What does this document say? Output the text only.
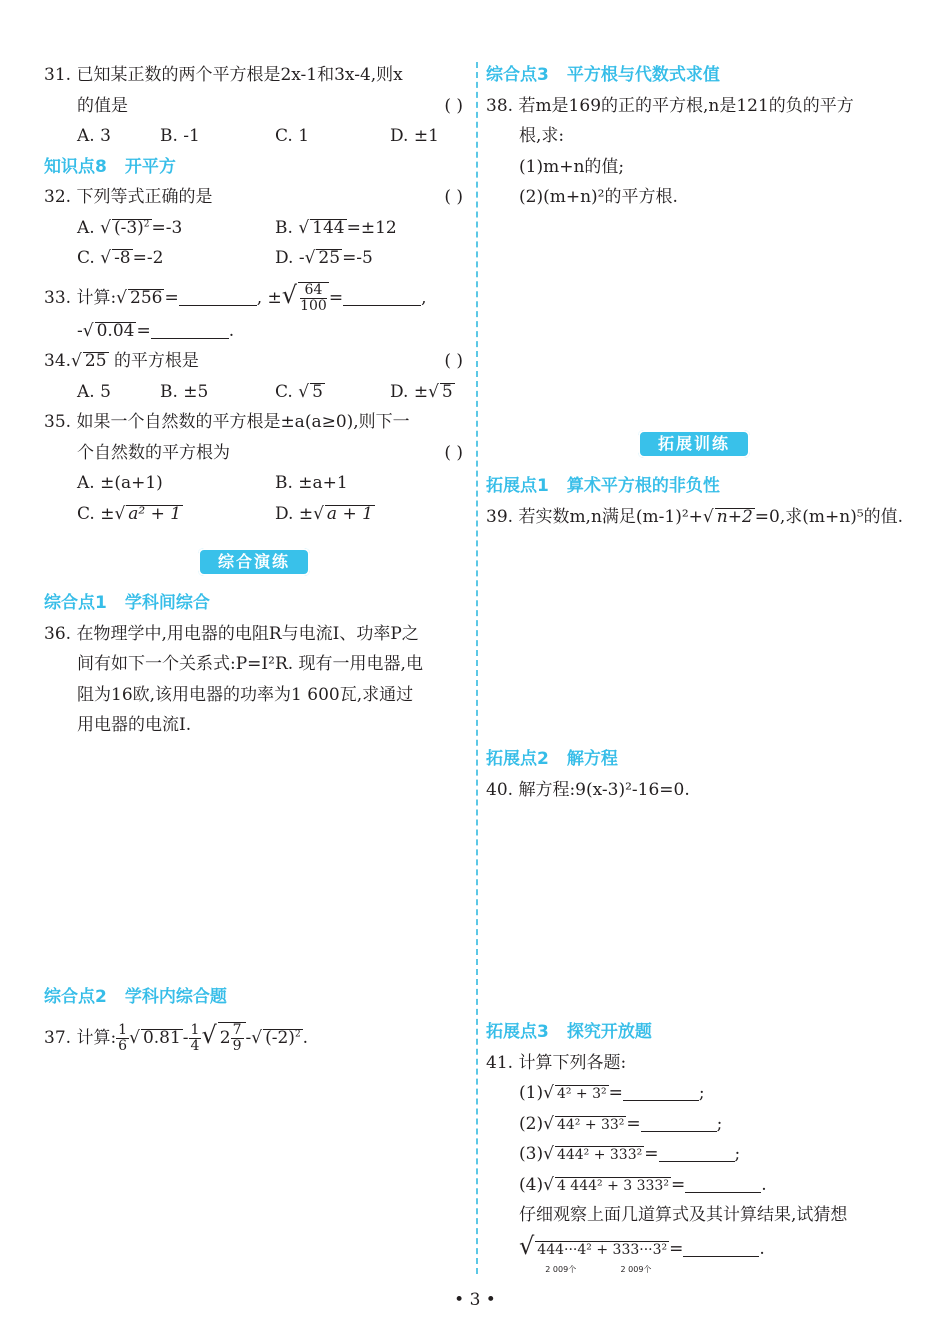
31. 已知某正数的两个平方根是2x-1和3x-4,则x
的值是	( )
A. 3	B. -1	C. 1	D. ±1
知识点8 开平方
32. 下列等式正确的是	( )
A. √ $(-3)^2 =-3$	B. √ 144 =±12
C. √ -8 =-2	D. -√ 25 =-5
33. 计算:√ 256 =	, ±√ $\frac{64}{100}$ =	,
-√ 0.04 =	.
34.√ 25 的平方根是	( )
A. 5	B. ±5	C. √ 5	D. ±√ 5
35. 如果一个自然数的平方根是±a(a≥0),则下一
个自然数的平方根为	( )
A. ±(a+1)	B. ±a+1
C. ±√ a² + 1	D. ±√ a + 1
综合演练
综合点1 学科间综合
36. 在物理学中,用电器的电阻R与电流I、功率P之
间有如下一个关系式:P=I²R. 现有一用电器,电
阻为16欧,该用电器的功率为1 600瓦,求通过
用电器的电流I.
综合点2 学科内综合题
37. 计算: $\frac{1}{6}$ √ $0.81 - \frac{1}{4}$ √ $2 \frac{7}{9}$ -√ $(-2)^2$ .
综合点3 平方根与代数式求值
38. 若m是169的正的平方根,n是121的负的平方
根,求:
(1)m+n的值;
(2)(m+n)²的平方根.
拓展训练
拓展点1 算术平方根的非负性
39. 若实数m,n满足(m-1)²+√ n+2 =0,求(m+n)⁵的值.
拓展点2 解方程
40. 解方程:9(x-3)²-16=0.
拓展点3 探究开放题
41. 计算下列各题:
(1)√ 4² + 3² =	;
(2)√ 44² + 33² =	;
(3)√ 444² + 333² =	;
(4)√ 4 444² + 3 333² =	.
仔细观察上面几道算式及其计算结果,试猜想
√ 444···4²
2 009个
+ 333···3²
2 009个
=	.
• 3 •
